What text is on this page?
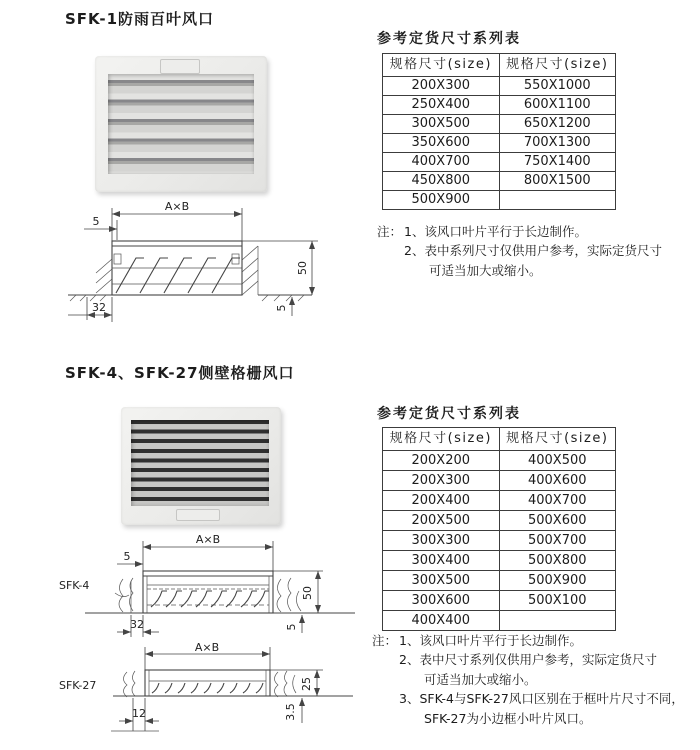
SFK-1防雨百叶风口
A×B
5
50
5
32
参考定货尺寸系列表
规格尺寸(size)	规格尺寸(size)
200X300	550X1000
250X400	600X1100
300X500	650X1200
350X600	700X1300
400X700	750X1400
450X800	800X1500
500X900	
注： 1、该风口叶片平行于长边制作。
2、表中系列尺寸仅供用户参考，实际定货尺寸
可适当加大或缩小。
SFK-4、SFK-27侧壁格栅风口
SFK-4
A×B
5
50
5
32
SFK-27
A×B
25
3.5
12
参考定货尺寸系列表
规格尺寸(size)	规格尺寸(size)
200X200	400X500
200X300	400X600
200X400	400X700
200X500	500X600
300X300	500X700
300X400	500X800
300X500	500X900
300X600	500X100
400X400	
注： 1、该风口叶片平行于长边制作。
2、表中尺寸系列仅供用户参考，实际定货尺寸
可适当加大或缩小。
3、SFK-4与SFK-27风口区别在于框叶片尺寸不同，
SFK-27为小边框小叶片风口。
